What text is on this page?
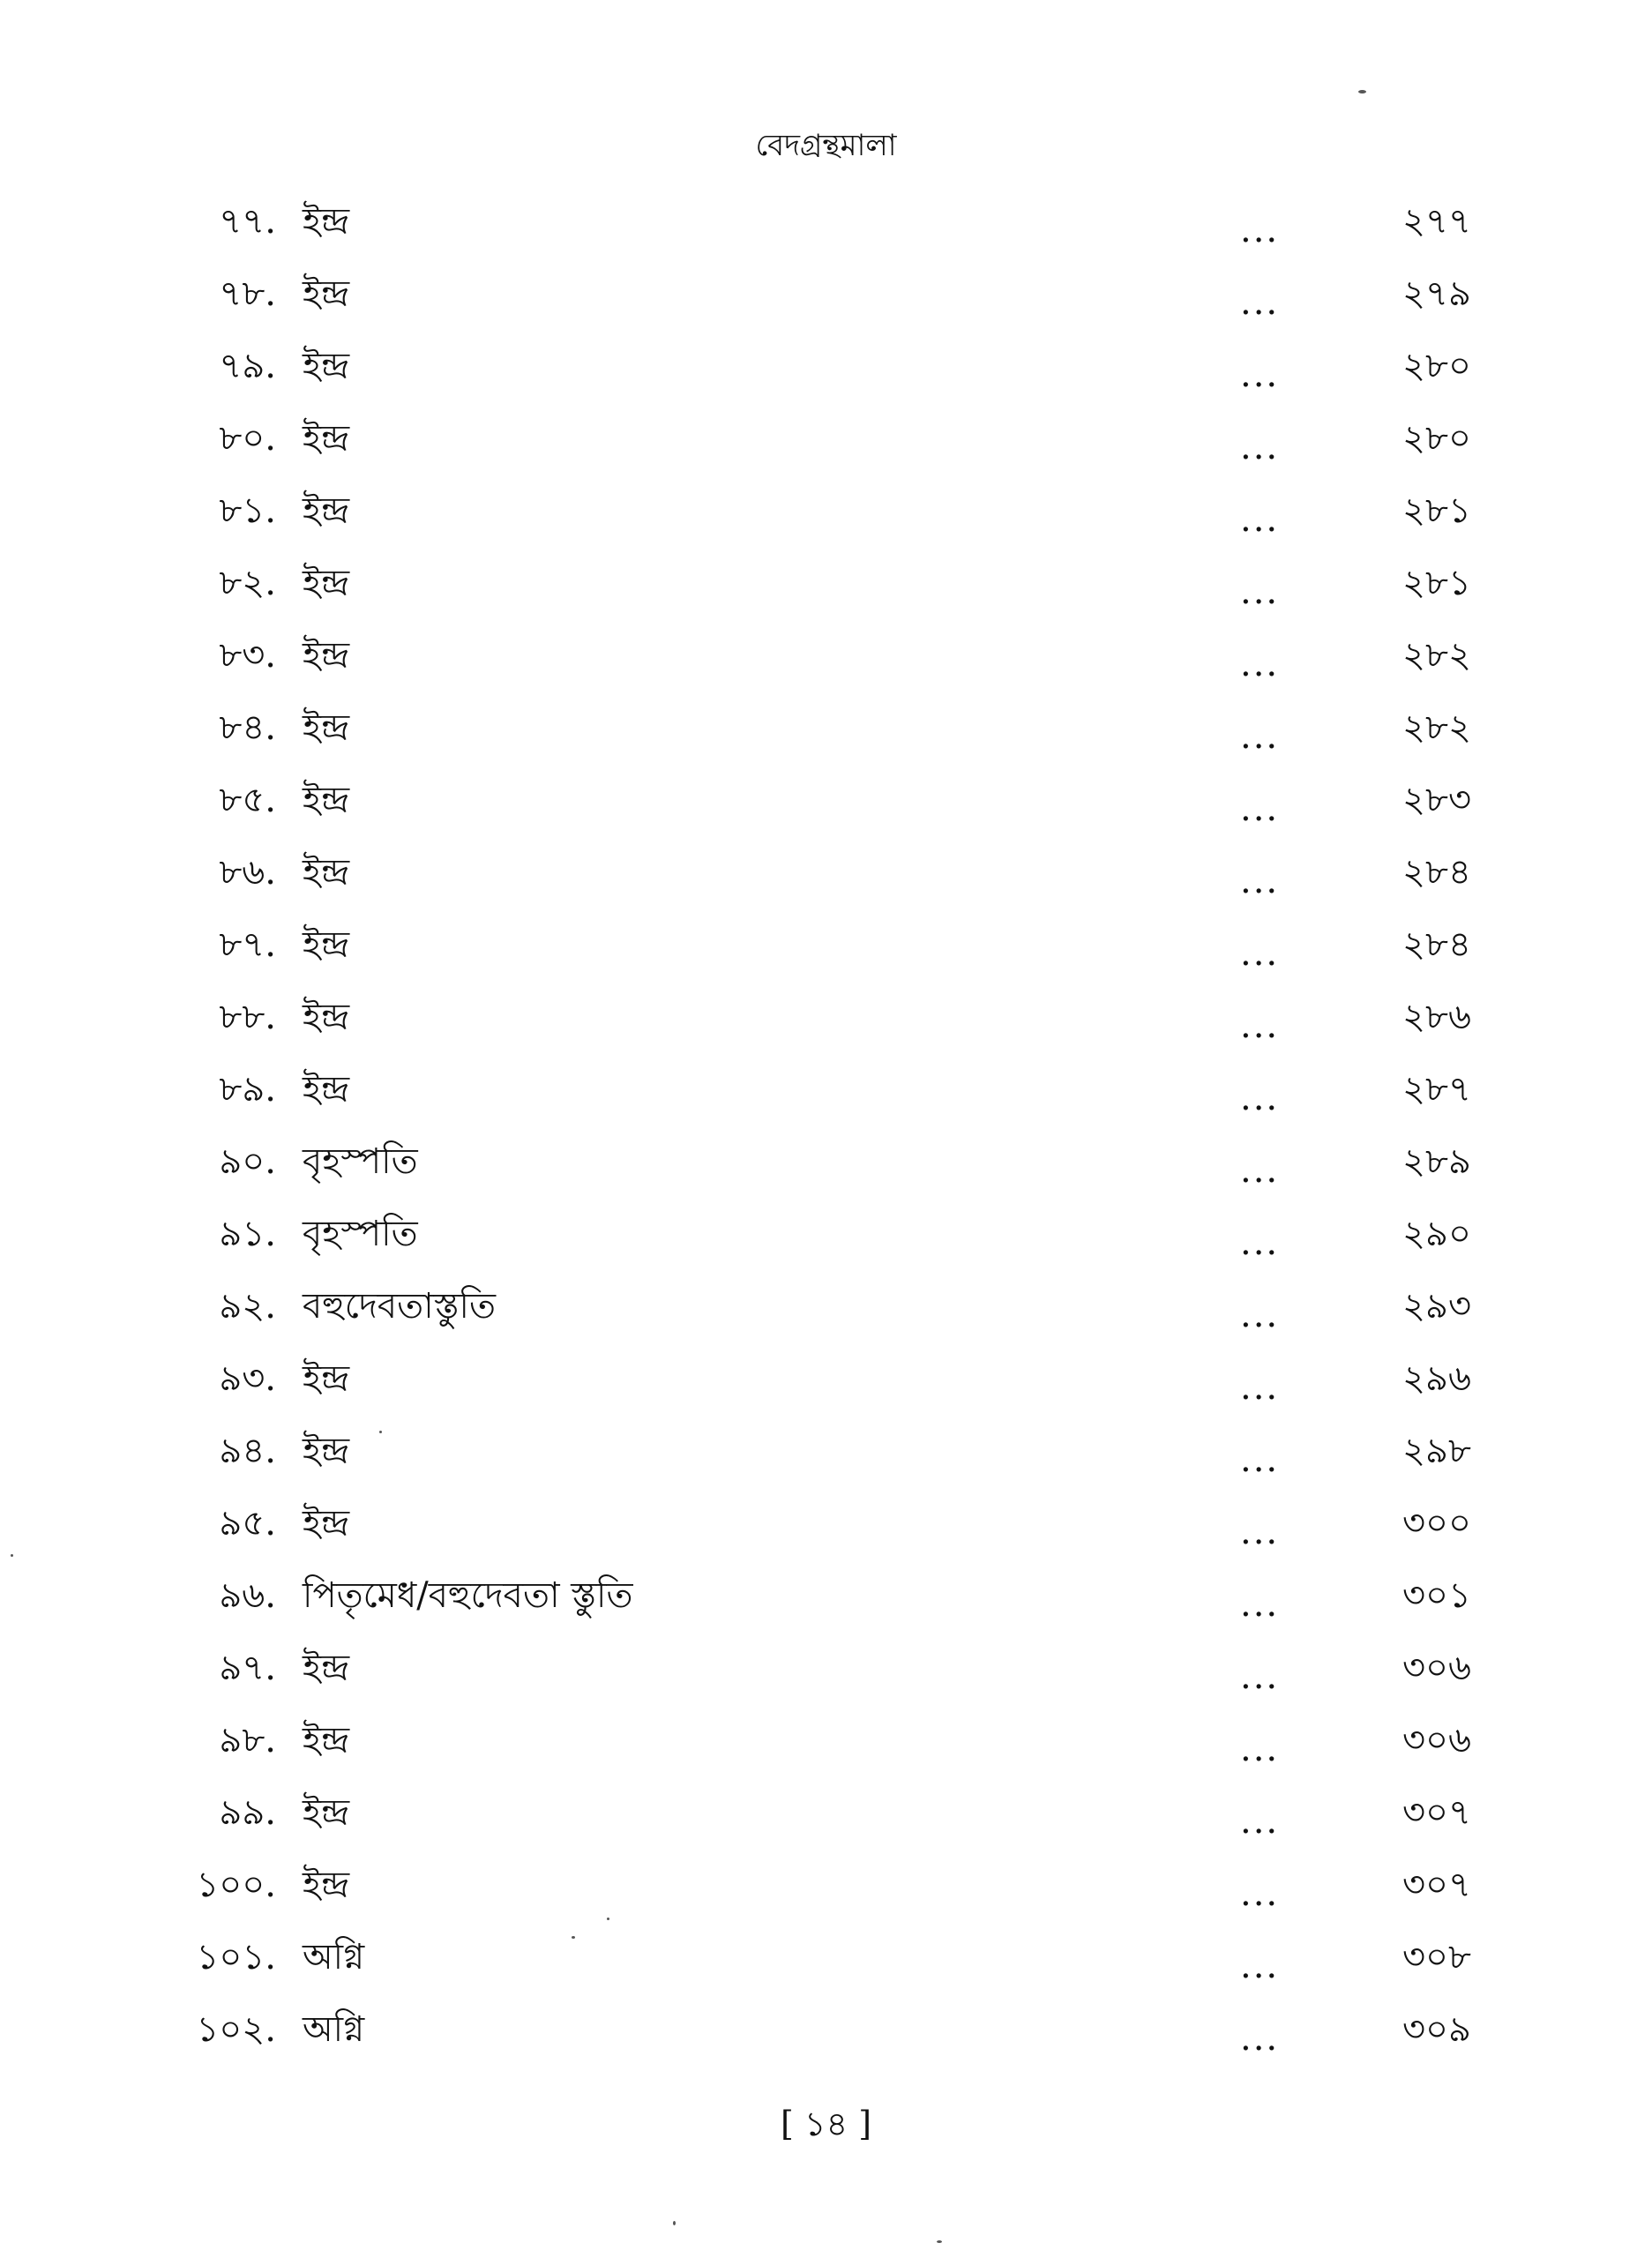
বেদগ্রন্থমালা
৭৭. ইন্দ্র	...	২৭৭
৭৮. ইন্দ্র	...	২৭৯
৭৯. ইন্দ্র	...	২৮০
৮০. ইন্দ্র	...	২৮০
৮১. ইন্দ্র	...	২৮১
৮২. ইন্দ্র	...	২৮১
৮৩. ইন্দ্র	...	২৮২
৮৪. ইন্দ্র	...	২৮২
৮৫. ইন্দ্র	...	২৮৩
৮৬. ইন্দ্র	...	২৮৪
৮৭. ইন্দ্র	...	২৮৪
৮৮. ইন্দ্র	...	২৮৬
৮৯. ইন্দ্র	...	২৮৭
৯০. বৃহস্পতি	...	২৮৯
৯১. বৃহস্পতি	...	২৯০
৯২. বহুদেবতাস্তুতি	...	২৯৩
৯৩. ইন্দ্র	...	২৯৬
৯৪. ইন্দ্র	...	২৯৮
৯৫. ইন্দ্র	...	৩০০
৯৬. পিতৃমেধ/বহুদেবতা স্তুতি	...	৩০১
৯৭. ইন্দ্র	...	৩০৬
৯৮. ইন্দ্র	...	৩০৬
৯৯. ইন্দ্র	...	৩০৭
১০০. ইন্দ্র	...	৩০৭
১০১. অগ্নি	...	৩০৮
১০২. অগ্নি	...	৩০৯
[ ১৪ ]
